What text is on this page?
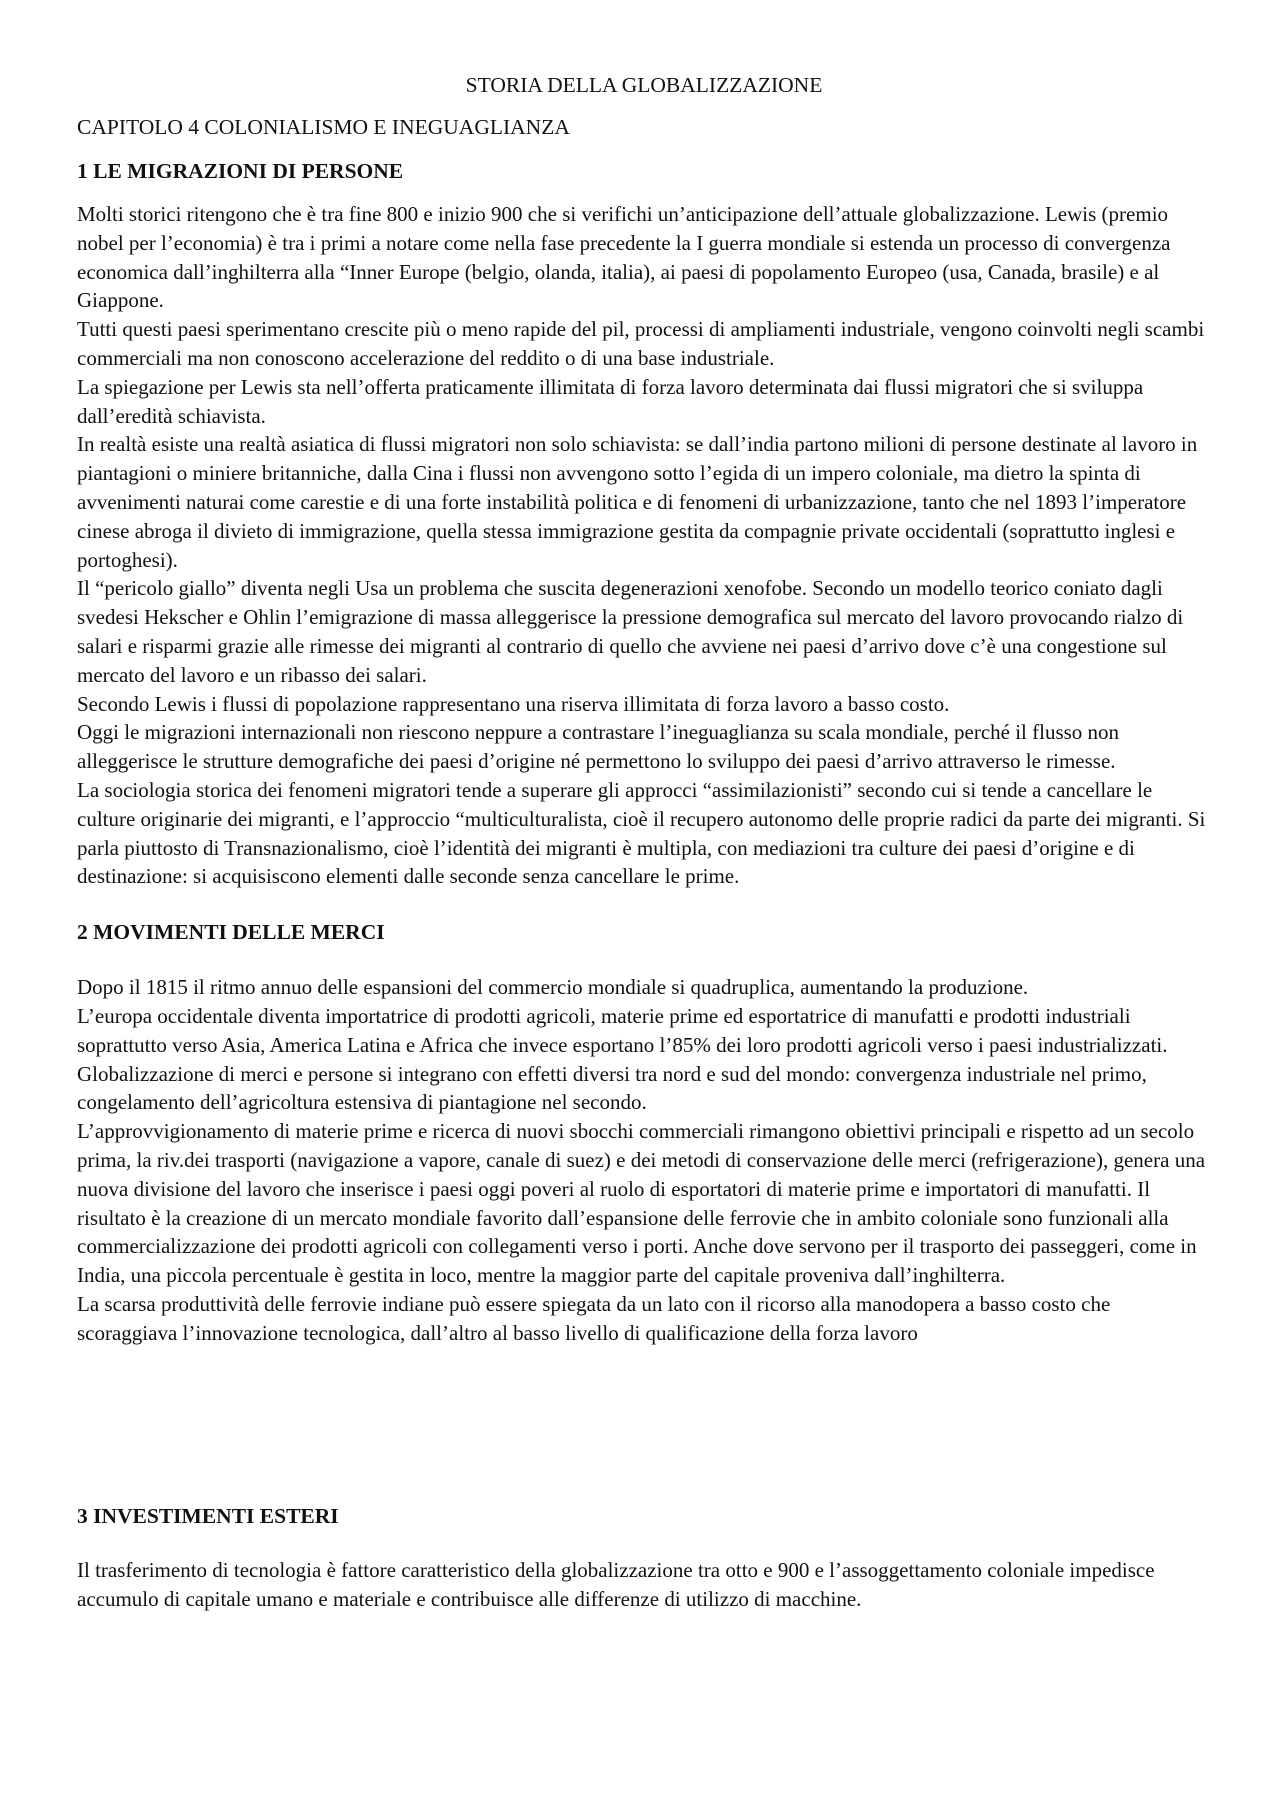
STORIA DELLA GLOBALIZZAZIONE
CAPITOLO 4 COLONIALISMO E INEGUAGLIANZA
1 LE MIGRAZIONI DI PERSONE

Molti storici ritengono che è tra fine 800 e inizio 900 che si verifichi un’anticipazione dell’attuale globalizzazione. Lewis (premio nobel per l’economia) è tra i primi a notare come nella fase precedente la I guerra mondiale si estenda un processo di convergenza economica dall’inghilterra alla “Inner Europe (belgio, olanda, italia), ai paesi di popolamento Europeo (usa, Canada, brasile) e al Giappone.

Tutti questi paesi sperimentano crescite più o meno rapide del pil, processi di ampliamenti industriale, vengono coinvolti negli scambi commerciali ma non conoscono accelerazione del reddito o di una base industriale.

La spiegazione per Lewis sta nell’offerta praticamente illimitata di forza lavoro determinata dai flussi migratori che si sviluppa dall’eredità schiavista.

In realtà esiste una realtà asiatica di flussi migratori non solo schiavista: se dall’india partono milioni di persone destinate al lavoro in piantagioni o miniere britanniche, dalla Cina i flussi non avvengono sotto l’egida di un impero coloniale, ma dietro la spinta di avvenimenti naturai come carestie e di una forte instabilità politica e di fenomeni di urbanizzazione, tanto che nel 1893 l’imperatore cinese abroga il divieto di immigrazione, quella stessa immigrazione gestita da compagnie private occidentali (soprattutto inglesi e portoghesi).

Il “pericolo giallo” diventa negli Usa un problema che suscita degenerazioni xenofobe. Secondo un modello teorico coniato dagli svedesi Hekscher e Ohlin l’emigrazione di massa alleggerisce la pressione demografica sul mercato del lavoro provocando rialzo di salari e risparmi grazie alle rimesse dei migranti al contrario di quello che avviene nei paesi d’arrivo dove c’è una congestione sul mercato del lavoro e un ribasso dei salari.

Secondo Lewis i flussi di popolazione rappresentano una riserva illimitata di forza lavoro a basso costo.

Oggi le migrazioni internazionali non riescono neppure a contrastare l’ineguaglianza su scala mondiale, perché il flusso non alleggerisce le strutture demografiche dei paesi d’origine né permettono lo sviluppo dei paesi d’arrivo attraverso le rimesse.

La sociologia storica dei fenomeni migratori tende a superare gli approcci “assimilazionisti” secondo cui si tende a cancellare le culture originarie dei migranti, e l’approccio “multiculturalista, cioè il recupero autonomo delle proprie radici da parte dei migranti. Si parla piuttosto di Transnazionalismo, cioè l’identità dei migranti è multipla, con mediazioni tra culture dei paesi d’origine e di destinazione: si acquisiscono elementi dalle seconde senza cancellare le prime.

2 MOVIMENTI DELLE MERCI

Dopo il 1815 il ritmo annuo delle espansioni del commercio mondiale si quadruplica, aumentando la produzione.

L’europa occidentale diventa importatrice di prodotti agricoli, materie prime ed esportatrice di manufatti e prodotti industriali soprattutto verso Asia, America Latina e Africa che invece esportano l’85% dei loro prodotti agricoli verso i paesi industrializzati. Globalizzazione di merci e persone si integrano con effetti diversi tra nord e sud del mondo: convergenza industriale nel primo, congelamento dell’agricoltura estensiva di piantagione nel secondo.

L’approvvigionamento di materie prime e ricerca di nuovi sbocchi commerciali rimangono obiettivi principali e rispetto ad un secolo prima, la riv.dei trasporti (navigazione a vapore, canale di suez) e dei metodi di conservazione delle merci (refrigerazione), genera una nuova divisione del lavoro che inserisce i paesi oggi poveri al ruolo di esportatori di materie prime e importatori di manufatti. Il risultato è la creazione di un mercato mondiale favorito dall’espansione delle ferrovie che in ambito coloniale sono funzionali alla commercializzazione dei prodotti agricoli con collegamenti verso i porti. Anche dove servono per il trasporto dei passeggeri, come in India, una piccola percentuale è gestita in loco, mentre la maggior parte del capitale proveniva dall’inghilterra.

La scarsa produttività delle ferrovie indiane può essere spiegata da un lato con il ricorso alla manodopera a basso costo che scoraggiava l’innovazione tecnologica, dall’altro al basso livello di qualificazione della forza lavoro

3 INVESTIMENTI ESTERI

Il trasferimento di tecnologia è fattore caratteristico della globalizzazione tra otto e 900 e l’assoggettamento coloniale impedisce accumulo di capitale umano e materiale e contribuisce alle differenze di utilizzo di macchine.
